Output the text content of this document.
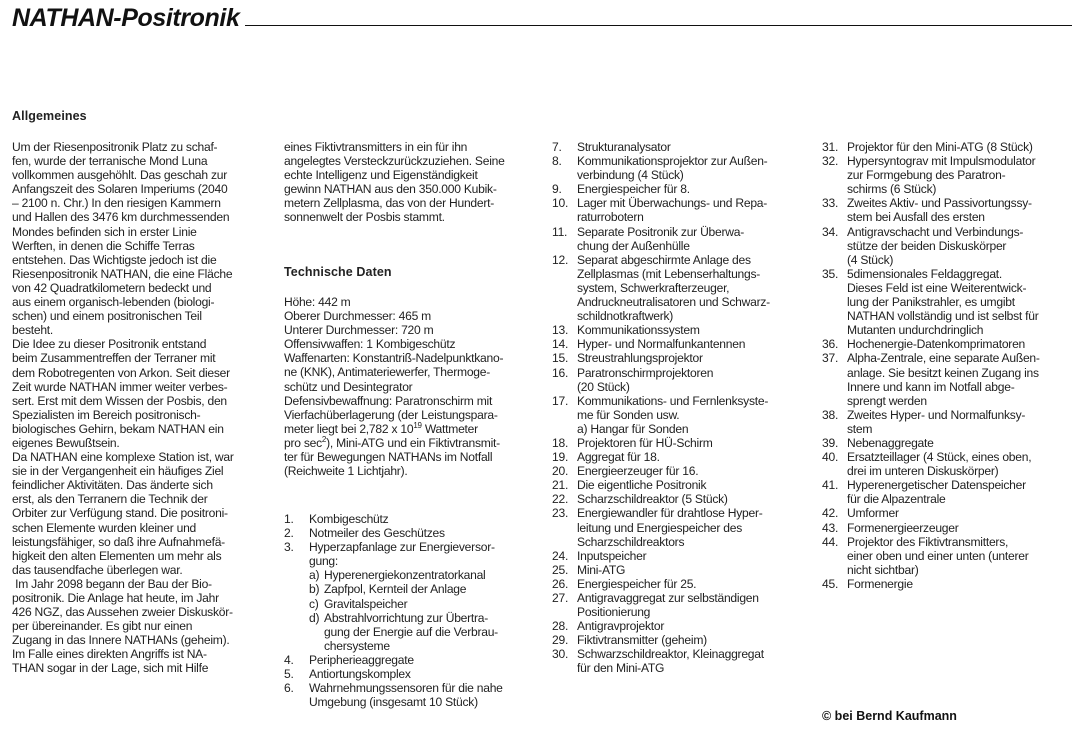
NATHAN-Positronik
Allgemeines
Um der Riesenpositronik Platz zu schaf-
fen, wurde der terranische Mond Luna
vollkommen ausgehöhlt. Das geschah zur
Anfangszeit des Solaren Imperiums (2040
– 2100 n. Chr.) In den riesigen Kammern
und Hallen des 3476 km durchmessenden
Mondes befinden sich in erster Linie
Werften, in denen die Schiffe Terras
entstehen. Das Wichtigste jedoch ist die
Riesenpositronik NATHAN, die eine Fläche
von 42 Quadratkilometern bedeckt und
aus einem organisch-lebenden (biologi-
schen) und einem positronischen Teil
besteht.
Die Idee zu dieser Positronik entstand
beim Zusammentreffen der Terraner mit
dem Robotregenten von Arkon. Seit dieser
Zeit wurde NATHAN immer weiter verbes-
sert. Erst mit dem Wissen der Posbis, den
Spezialisten im Bereich positronisch-
biologisches Gehirn, bekam NATHAN ein
eigenes Bewußtsein.
Da NATHAN eine komplexe Station ist, war
sie in der Vergangenheit ein häufiges Ziel
feindlicher Aktivitäten. Das änderte sich
erst, als den Terranern die Technik der
Orbiter zur Verfügung stand. Die positroni-
schen Elemente wurden kleiner und
leistungsfähiger, so daß ihre Aufnahmefä-
higkeit den alten Elementen um mehr als
das tausendfache überlegen war.
Im Jahr 2098 begann der Bau der Bio-
positronik. Die Anlage hat heute, im Jahr
426 NGZ, das Aussehen zweier Diskuskör-
per übereinander. Es gibt nur einen
Zugang in das Innere NATHANs (geheim).
Im Falle eines direkten Angriffs ist NA-
THAN sogar in der Lage, sich mit Hilfe
eines Fiktivtransmitters in ein für ihn
angelegtes Versteckzurückzuziehen. Seine
echte Intelligenz und Eigenständigkeit
gewinn NATHAN aus den 350.000 Kubik-
metern Zellplasma, das von der Hundert-
sonnenwelt der Posbis stammt.
Technische Daten
Höhe: 442 m
Oberer Durchmesser: 465 m
Unterer Durchmesser: 720 m
Offensivwaffen: 1 Kombigeschütz
Waffenarten: Konstantriß-Nadelpunktkano-
ne (KNK), Antimateriewerfer, Thermoge-
schütz und Desintegrator
Defensivbewaffnung: Paratronschirm mit
Vierfachüberlagerung (der Leistungspara-
meter liegt bei 2,782 x $10^{19}$ Wattmeter
pro $\sec^2$), Mini-ATG und ein Fiktivtransmit-
ter für Bewegungen NATHANs im Notfall
(Reichweite 1 Lichtjahr).
1.	Kombigeschütz
2.	Notmeiler des Geschützes
3.	Hyperzapfanlage zur Energieversor-
gung:
a) Hyperenergiekonzentratorkanal
b) Zapfpol, Kernteil der Anlage
c) Gravitalspeicher
d) Abstrahlvorrichtung zur Übertra-
gung der Energie auf die Verbrau-
chersysteme
4.	Peripherieaggregate
5.	Antiortungskomplex
6.	Wahrnehmungssensoren für die nahe
Umgebung (insgesamt 10 Stück)
7.	Strukturanalysator
8.	Kommunikationsprojektor zur Außen-
verbindung (4 Stück)
9.	Energiespeicher für 8.
10. Lager mit Überwachungs- und Repa-
raturrobotern
11. Separate Positronik zur Überwa-
chung der Außenhülle
12. Separat abgeschirmte Anlage des
Zellplasmas (mit Lebenserhaltungs-
system, Schwerkrafterzeuger,
Andruckneutralisatoren und Schwarz-
schildnotkraftwerk)
13. Kommunikationssystem
14. Hyper- und Normalfunkantennen
15. Streustrahlungsprojektor
16. Paratronschirmprojektoren
(20 Stück)
17. Kommunikations- und Fernlenksyste-
me für Sonden usw.
a) Hangar für Sonden
18. Projektoren für HÜ-Schirm
19. Aggregat für 18.
20. Energieerzeuger für 16.
21. Die eigentliche Positronik
22. Scharzschildreaktor (5 Stück)
23. Energiewandler für drahtlose Hyper-
leitung und Energiespeicher des
Scharzschildreaktors
24. Inputspeicher
25. Mini-ATG
26. Energiespeicher für 25.
27. Antigravaggregat zur selbständigen
Positionierung
28. Antigravprojektor
29. Fiktivtransmitter (geheim)
30. Schwarzschildreaktor, Kleinaggregat
für den Mini-ATG
31. Projektor für den Mini-ATG (8 Stück)
32. Hypersyntograv mit Impulsmodulator
zur Formgebung des Paratron-
schirms (6 Stück)
33. Zweites Aktiv- und Passivortungssy-
stem bei Ausfall des ersten
34. Antigravschacht und Verbindungs-
stütze der beiden Diskuskörper
(4 Stück)
35. 5dimensionales Feldaggregat.
Dieses Feld ist eine Weiterentwick-
lung der Panikstrahler, es umgibt
NATHAN vollständig und ist selbst für
Mutanten undurchdringlich
36. Hochenergie-Datenkomprimatoren
37. Alpha-Zentrale, eine separate Außen-
anlage. Sie besitzt keinen Zugang ins
Innere und kann im Notfall abge-
sprengt werden
38. Zweites Hyper- und Normalfunksy-
stem
39. Nebenaggregate
40. Ersatzteillager (4 Stück, eines oben,
drei im unteren Diskuskörper)
41. Hyperenergetischer Datenspeicher
für die Alpazentrale
42. Umformer
43. Formenergieerzeuger
44. Projektor des Fiktivtransmitters,
einer oben und einer unten (unterer
nicht sichtbar)
45. Formenergie
© bei Bernd Kaufmann
